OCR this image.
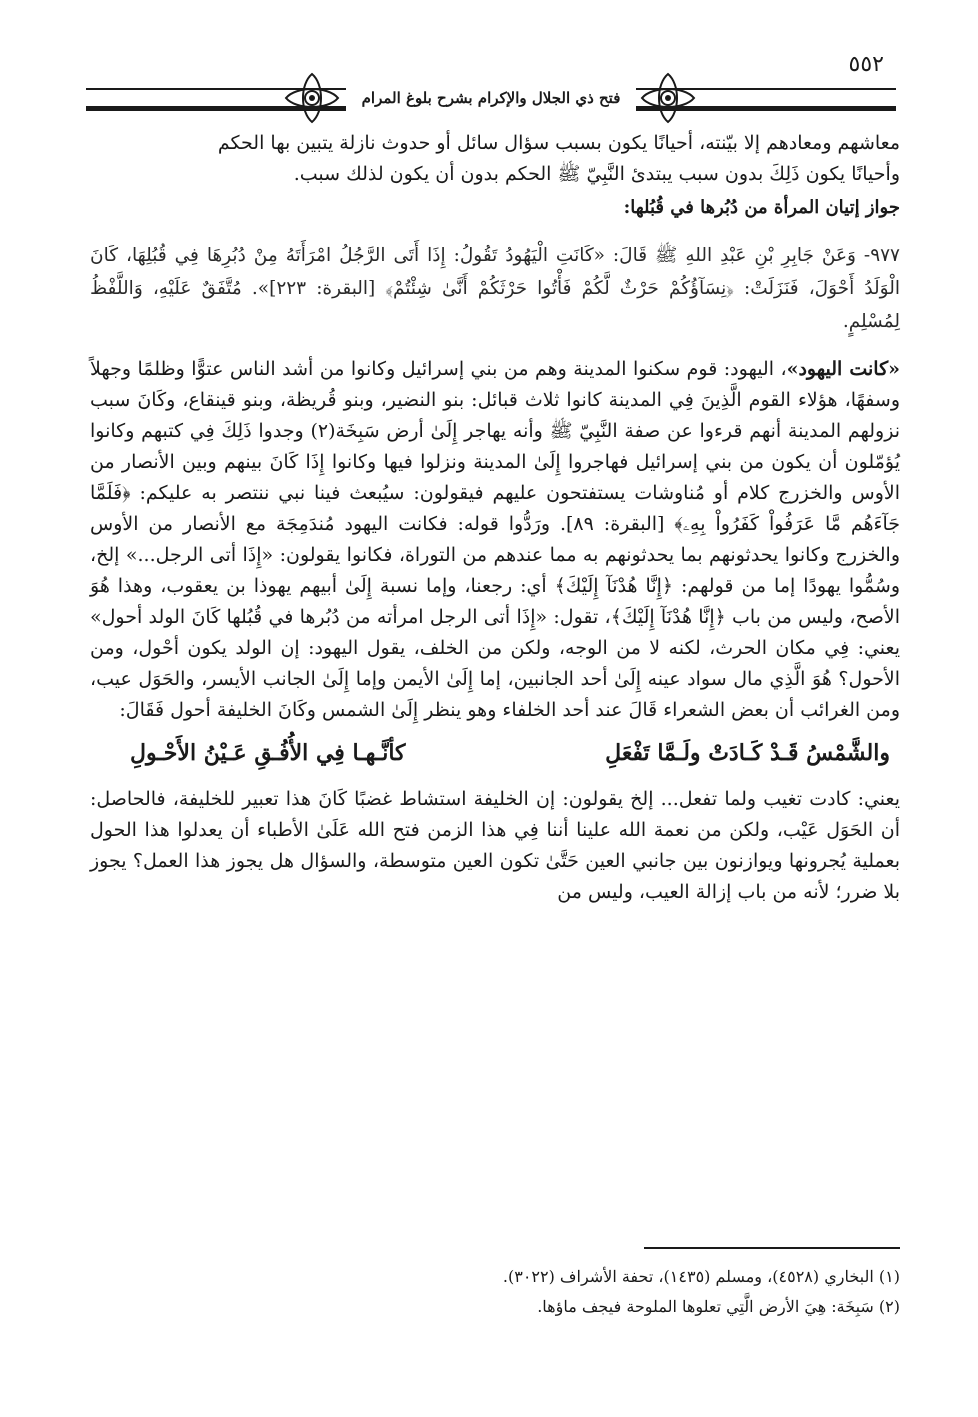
٥٥٢
فتح ذي الجلال والإكرام بشرح بلوغ المرام

معاشهم ومعادهم إلا بيّنته، أحيانًا يكون بسبب سؤال سائل أو حدوث نازلة يتبين بها الحكم

وأحيانًا يكون ذَلِكَ بدون سبب يبتدئ النَّبِيّ ﷺ الحكم بدون أن يكون لذلك سبب.

جواز إتيان المرأة من دُبُرها في قُبُلها:

٩٧٧- وَعَنْ جَابِرِ بْنِ عَبْدِ اللهِ ﷺ قَالَ: «كَانَتِ الْيَهُودُ تَقُولُ: إِذَا أَتَى الرَّجُلُ امْرَأَتَهُ مِنْ دُبُرِهَا فِي قُبُلِهَا، كَانَ الْوَلَدُ أَحْوَلَ، فَنَزَلَتْ: ﴿نِسَآؤُكُمْ حَرْثٌ لَّكُمْ فَأْتُوا حَرْثَكُمْ أَنَّىٰ شِئْتُمْ﴾ [البقرة: ٢٢٣]». مُتَّفَقٌ عَلَيْهِ، وَاللَّفْظُ لِمُسْلِمٍ.

«كانت اليهود»، اليهود: قوم سكنوا المدينة وهم من بني إسرائيل وكانوا من أشد الناس عتوًّا وظلمًا وجهلاً وسفهًا، هؤلاء القوم الَّذِينَ فِي المدينة كانوا ثلاث قبائل: بنو النضير، وبنو قُريظة، وبنو قينقاع، وكَانَ سبب نزولهم المدينة أنهم قرءوا عن صفة النَّبِيّ ﷺ وأنه يهاجر إِلَىٰ أرض سَبِخَة(٢) وجدوا ذَلِكَ فِي كتبهم وكانوا يُؤمّلون أن يكون من بني إسرائيل فهاجروا إِلَىٰ المدينة ونزلوا فيها وكانوا إِذَا كَانَ بينهم وبين الأنصار من الأوس والخزرج كلام أو مُناوشات يستفتحون عليهم فيقولون: سيُبعث فينا نبي ننتصر به عليكم: ﴿فَلَمَّا جَآءَهُم مَّا عَرَفُواْ كَفَرُواْ بِهِۦ﴾ [البقرة: ٨٩]. ورَدُّوا قوله: فكانت اليهود مُندَمِجَة مع الأنصار من الأوس والخزرج وكانوا يحدثونهم بما يحدثونهم به مما عندهم من التوراة، فكانوا يقولون: «إِذَا أتى الرجل...» إلخ، وسُمُّوا يهودًا إما من قولهم: ﴿إِنَّا هُدْنَآ إِلَيْكَ﴾ أي: رجعنا، وإما نسبة إِلَىٰ أبيهم يهوذا بن يعقوب، وهذا هُوَ الأصح، وليس من باب ﴿إِنَّا هُدْنَآ إِلَيْكَ﴾، تقول: «إِذَا أتى الرجل امرأته من دُبُرها في قُبُلها كَانَ الولد أحول» يعني: فِي مكان الحرث، لكنه لا من الوجه، ولكن من الخلف، يقول اليهود: إن الولد يكون أحْول، ومن الأحول؟ هُوَ الَّذِي مال سواد عينه إِلَىٰ أحد الجانبين، إما إِلَىٰ الأيمن وإما إِلَىٰ الجانب الأيسر، والحَوَل عيب، ومن الغرائب أن بعض الشعراء قَالَ عند أحد الخلفاء وهو ينظر إِلَىٰ الشمس وكَانَ الخليفة أحول فَقَالَ:

والشَّمْسُ قَـدْ كَـادَتْ ولَـمَّا تَفْعَلِ
كأنَّـهـا فِي الأُفُـقِ عَـيْنُ الأَحْـولِ

يعني: كادت تغيب ولما تفعل... إلخ يقولون: إن الخليفة استشاط غضبًا كَانَ هذا تعبير للخليفة، فالحاصل: أن الحَوَل عَيْب، ولكن من نعمة الله علينا أننا فِي هذا الزمن فتح الله عَلَىٰ الأطباء أن يعدلوا هذا الحول بعملية يُجرونها ويوازنون بين جانبي العين حَتَّىٰ تكون العين متوسطة، والسؤال هل يجوز هذا العمل؟ يجوز بلا ضرر؛ لأنه من باب إزالة العيب، وليس من

(١) البخاري (٤٥٢٨)، ومسلم (١٤٣٥)، تحفة الأشراف (٣٠٢٢).

(٢) سَبِخَة: هِيَ الأرض الَّتِي تعلوها الملوحة فيجف ماؤها.
